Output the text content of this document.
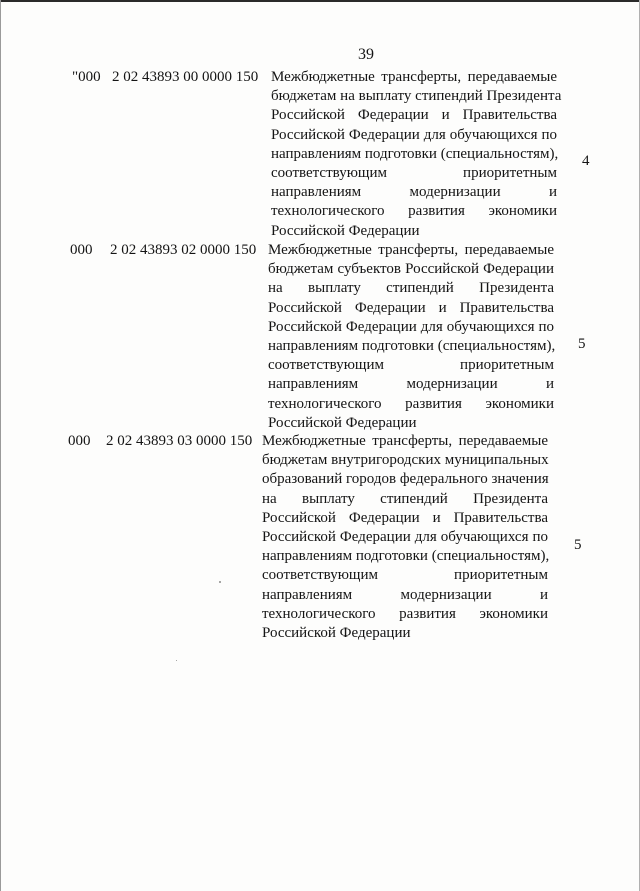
39
"000 2 02 43893 00 0000 150 Межбюджетные трансферты, передаваемые
бюджетам на выплату стипендий Президента
Российской Федерации и Правительства
Российской Федерации для обучающихся по
направлениям подготовки (специальностям),
соответствующим приоритетным
направлениям модернизации и
технологического развития экономики
Российской Федерации
4
000 2 02 43893 02 0000 150 Межбюджетные трансферты, передаваемые
бюджетам субъектов Российской Федерации
на выплату стипендий Президента
Российской Федерации и Правительства
Российской Федерации для обучающихся по
направлениям подготовки (специальностям),
соответствующим приоритетным
направлениям модернизации и
технологического развития экономики
Российской Федерации
5
000 2 02 43893 03 0000 150 Межбюджетные трансферты, передаваемые
бюджетам внутригородских муниципальных
образований городов федерального значения
на выплату стипендий Президента
Российской Федерации и Правительства
Российской Федерации для обучающихся по
направлениям подготовки (специальностям),
соответствующим приоритетным
направлениям модернизации и
технологического развития экономики
Российской Федерации
5
